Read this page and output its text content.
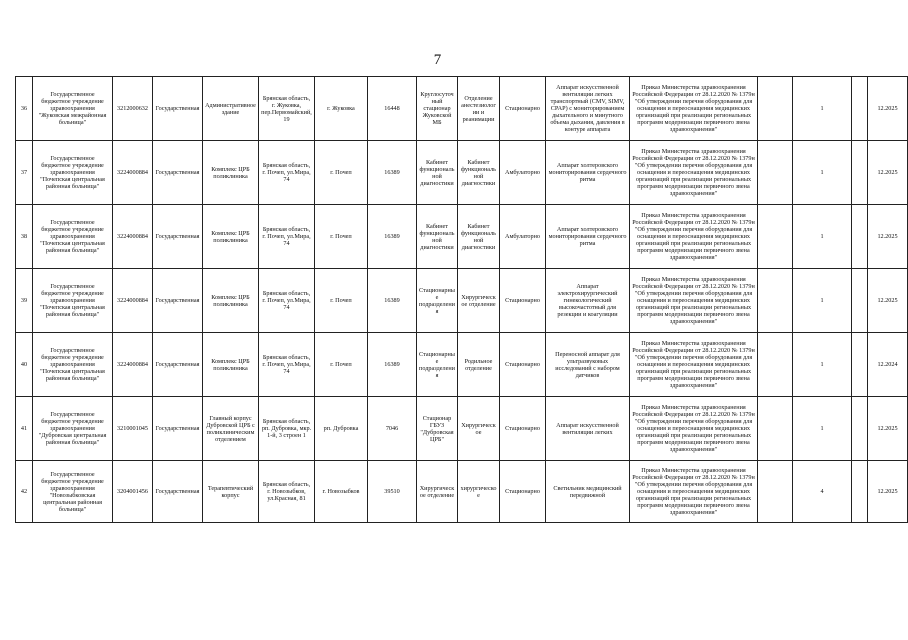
7
36	Государственное бюджетное учреждение здравоохранения "Жуковская межрайонная больница"	3212000632	Государственная	Административное здание	Брянская область, г. Жуковка, пер.Первомайский, 19	г. Жуковка	16448	Круглосуточный стационар Жуковской МБ	Отделение анестезиологии и реанимации	Стационарно	Аппарат искусственной вентиляции легких транспортный (CMV, SIMV, CPAP) с мониторированием дыхательного и минутного объема дыхания, давления в контуре аппарата	Приказ Министерства здравоохранения Российской Федерации от 28.12.2020 № 1379н "Об утверждении перечня оборудования для оснащения и переоснащения медицинских организаций при реализации региональных программ модернизации первичного звена здравоохранения"		1		12.2025
37	Государственное бюджетное учреждение здравоохранения "Почепская центральная районная больница"	3224000884	Государственная	Комплекс ЦРБ поликлиника	Брянская область, г. Почеп, ул.Мира, 74	г. Почеп	16389	Кабинет функциональной диагностики	Кабинет функциональной диагностики	Амбулаторно	Аппарат холтеровского мониторирования сердечного ритма	Приказ Министерства здравоохранения Российской Федерации от 28.12.2020 № 1379н "Об утверждении перечня оборудования для оснащения и переоснащения медицинских организаций при реализации региональных программ модернизации первичного звена здравоохранения"		1		12.2025
38	Государственное бюджетное учреждение здравоохранения "Почепская центральная районная больница"	3224000884	Государственная	Комплекс ЦРБ поликлиника	Брянская область, г. Почеп, ул.Мира, 74	г. Почеп	16389	Кабинет функциональной диагностики	Кабинет функциональной диагностики	Амбулаторно	Аппарат холтеровского мониторирования сердечного ритма	Приказ Министерства здравоохранения Российской Федерации от 28.12.2020 № 1379н "Об утверждении перечня оборудования для оснащения и переоснащения медицинских организаций при реализации региональных программ модернизации первичного звена здравоохранения"		1		12.2025
39	Государственное бюджетное учреждение здравоохранения "Почепская центральная районная больница"	3224000884	Государственная	Комплекс ЦРБ поликлиника	Брянская область, г. Почеп, ул.Мира, 74	г. Почеп	16389	Стационарные подразделения	Хирургическое отделение	Стационарно	Аппарат электрохирургический гинекологический высокочастотный для резекции и коагуляции	Приказ Министерства здравоохранения Российской Федерации от 28.12.2020 № 1379н "Об утверждении перечня оборудования для оснащения и переоснащения медицинских организаций при реализации региональных программ модернизации первичного звена здравоохранения"		1		12.2025
40	Государственное бюджетное учреждение здравоохранения "Почепская центральная районная больница"	3224000884	Государственная	Комплекс ЦРБ поликлиника	Брянская область, г. Почеп, ул.Мира, 74	г. Почеп	16389	Стационарные подразделения	Родильное отделение	Стационарно	Переносной аппарат для ультразвуковых исследований с набором датчиков	Приказ Министерства здравоохранения Российской Федерации от 28.12.2020 № 1379н "Об утверждении перечня оборудования для оснащения и переоснащения медицинских организаций при реализации региональных программ модернизации первичного звена здравоохранения"		1		12.2024
41	Государственное бюджетное учреждение здравоохранения "Дубровская центральная районная больница"	3210001045	Государственная	Главный корпус Дубровской ЦРБ с поликлиническим отделением	Брянская область, рп. Дубровка, мкр. 1-й, 3 строен 1	рп. Дубровка	7046	Стационар ГБУЗ "Дубровская ЦРБ"	Хирургическое	Стационарно	Аппарат искусственной вентиляции легких	Приказ Министерства здравоохранения Российской Федерации от 28.12.2020 № 1379н "Об утверждении перечня оборудования для оснащения и переоснащения медицинских организаций при реализации региональных программ модернизации первичного звена здравоохранения"		1		12.2025
42	Государственное бюджетное учреждение здравоохранения "Новозыбковская центральная районная больница"	3204001456	Государственная	Терапевтический корпус	Брянская область, г. Новозыбков, ул.Красная, 81	г. Новозыбков	39510	Хирургическое отделение	хирургическое	Стационарно	Светильник медицинский передвижной	Приказ Министерства здравоохранения Российской Федерации от 28.12.2020 № 1379н "Об утверждении перечня оборудования для оснащения и переоснащения медицинских организаций при реализации региональных программ модернизации первичного звена здравоохранения"		4		12.2025
